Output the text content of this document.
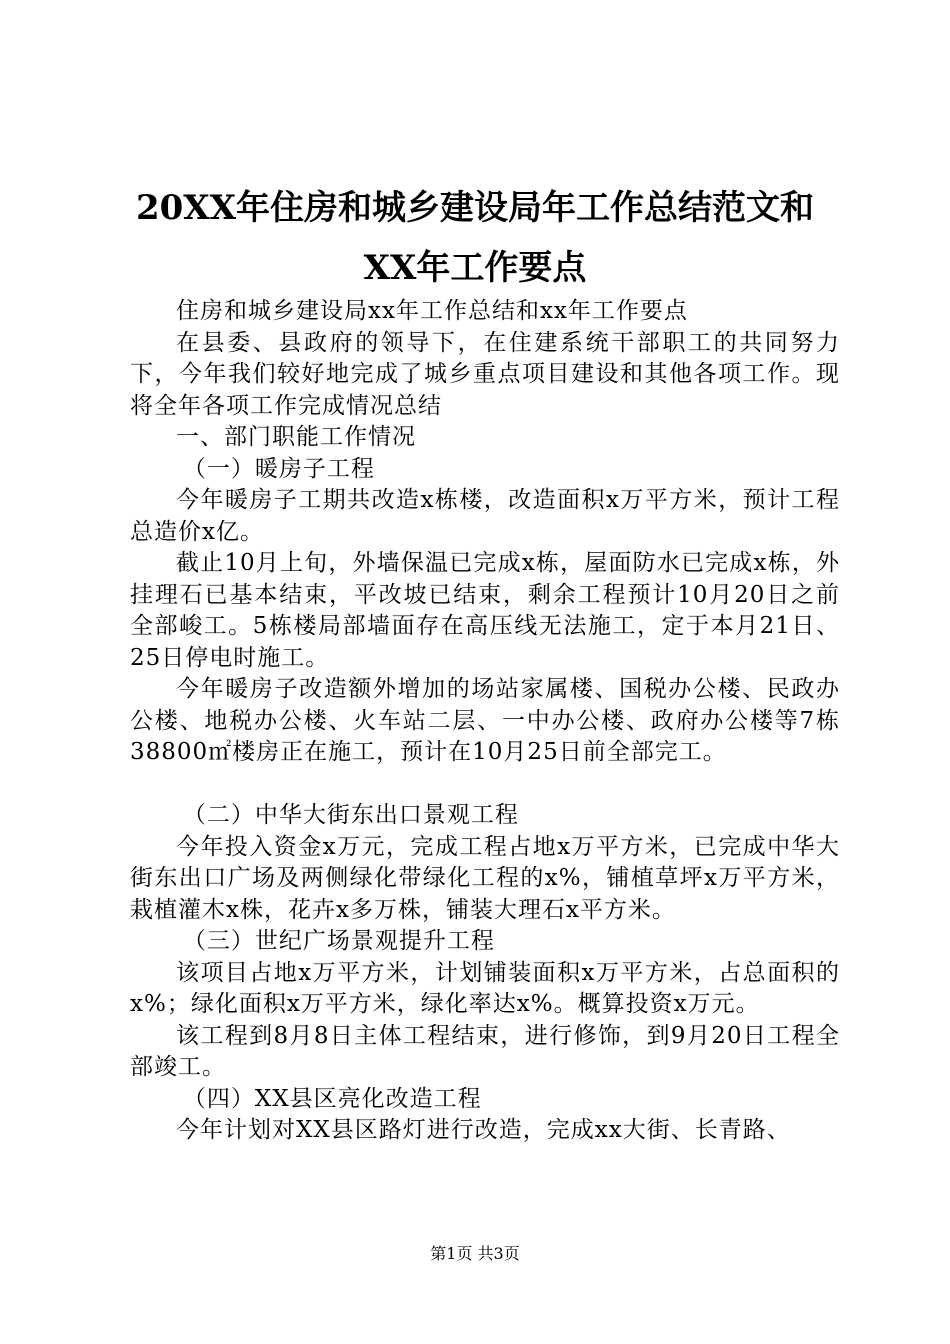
20XX年住房和城乡建设局年工作总结范文和
XX年工作要点

住房和城乡建设局xx年工作总结和xx年工作要点

在县委、县政府的领导下，在住建系统干部职工的共同努力下，今年我们较好地完成了城乡重点项目建设和其他各项工作。现将全年各项工作完成情况总结

一、部门职能工作情况

（一）暖房子工程

今年暖房子工期共改造x栋楼，改造面积x万平方米，预计工程总造价x亿。

截止10月上旬，外墙保温已完成x栋，屋面防水已完成x栋，外挂理石已基本结束，平改坡已结束，剩余工程预计10月20日之前全部峻工。5栋楼局部墙面存在高压线无法施工，定于本月21日、25日停电时施工。

今年暖房子改造额外增加的场站家属楼、国税办公楼、民政办公楼、地税办公楼、火车站二层、一中办公楼、政府办公楼等7栋38800㎡楼房正在施工，预计在10月25日前全部完工。

（二）中华大街东出口景观工程

今年投入资金x万元，完成工程占地x万平方米，已完成中华大街东出口广场及两侧绿化带绿化工程的x%，铺植草坪x万平方米，栽植灌木x株，花卉x多万株，铺装大理石x平方米。

（三）世纪广场景观提升工程

该项目占地x万平方米，计划铺装面积x万平方米，占总面积的x%；绿化面积x万平方米，绿化率达x%。概算投资x万元。

该工程到8月8日主体工程结束，进行修饰，到9月20日工程全部竣工。

（四）XX县区亮化改造工程

今年计划对XX县区路灯进行改造，完成xx大街、长青路、

第1页 共3页
